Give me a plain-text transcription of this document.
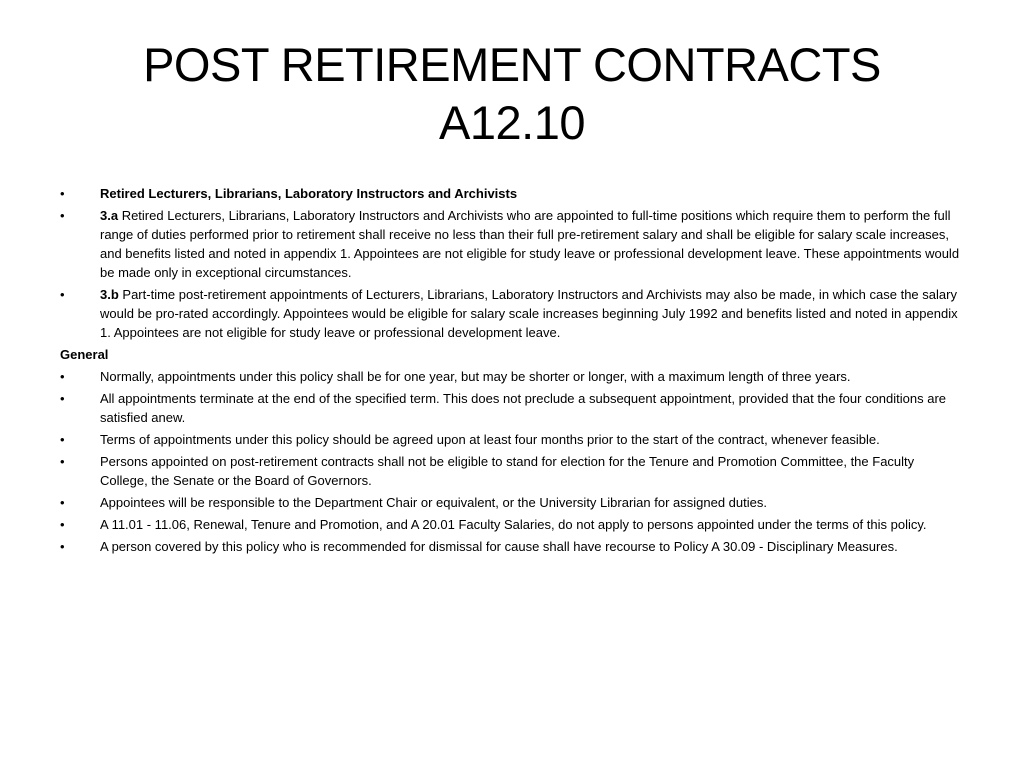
POST RETIREMENT CONTRACTS
A12.10
•	Retired Lecturers, Librarians, Laboratory Instructors and Archivists
•	3.a Retired Lecturers, Librarians, Laboratory Instructors and Archivists who are appointed to full-time positions which require them to perform the full range of duties performed prior to retirement shall receive no less than their full pre-retirement salary and shall be eligible for salary scale increases, and benefits listed and noted in appendix 1. Appointees are not eligible for study leave or professional development leave. These appointments would be made only in exceptional circumstances.
•	3.b Part-time post-retirement appointments of Lecturers, Librarians, Laboratory Instructors and Archivists may also be made, in which case the salary would be pro-rated accordingly. Appointees would be eligible for salary scale increases beginning July 1992 and benefits listed and noted in appendix 1. Appointees are not eligible for study leave or professional development leave.
General
•	Normally, appointments under this policy shall be for one year, but may be shorter or longer, with a maximum length of three years.
•	All appointments terminate at the end of the specified term. This does not preclude a subsequent appointment, provided that the four conditions are satisfied anew.
•	Terms of appointments under this policy should be agreed upon at least four months prior to the start of the contract, whenever feasible.
•	Persons appointed on post-retirement contracts shall not be eligible to stand for election for the Tenure and Promotion Committee, the Faculty College, the Senate or the Board of Governors.
•	Appointees will be responsible to the Department Chair or equivalent, or the University Librarian for assigned duties.
•	A 11.01 - 11.06, Renewal, Tenure and Promotion, and A 20.01 Faculty Salaries, do not apply to persons appointed under the terms of this policy.
•	A person covered by this policy who is recommended for dismissal for cause shall have recourse to Policy A 30.09 - Disciplinary Measures.
